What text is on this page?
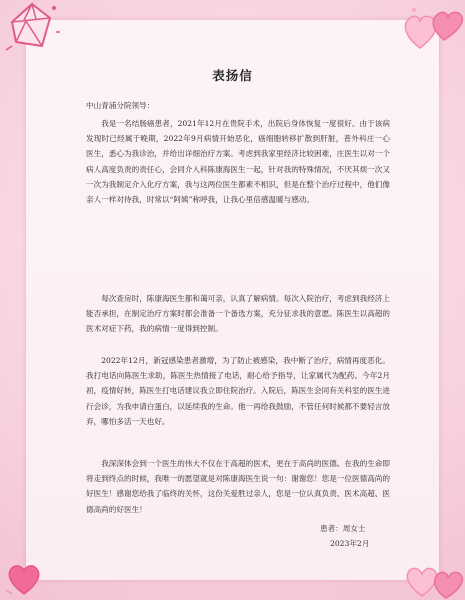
表扬信
中山青浦分院领导：
我是一名结肠癌患者，2021年12月在贵院手术，出院后身体恢复一度很好。由于该病发现时已经属于晚期，2022年9月病情开始恶化，癌细胞转移扩散到肝脏，普外科庄一心医生，悉心为我诊治，并给出详细治疗方案。考虑到我家里经济比较困难，庄医生以对一个病人高度负责的责任心，会同介入科陈康海医生一起，针对我的特殊情况，不厌其烦一次又一次为我制定介入化疗方案，我与这两位医生都素不相识，但是在整个治疗过程中，他们像亲人一样对待我，时常以“阿姨”称呼我，让我心里倍感温暖与感动。
每次查房时，陈康海医生都和蔼可亲，认真了解病情。每次入院治疗，考虑到我经济上能否承担，在制定治疗方案时都会准备一个备选方案，充分征求我的意愿。陈医生以高超的医术对症下药，我的病情一度得到控制。
2022年12月，新冠感染患者激增，为了防止被感染，我中断了治疗，病情再度恶化。我打电话向陈医生求助，陈医生热情接了电话，耐心给予指导，让家属代为配药。今年2月初，疫情好转，陈医生打电话建议我立即住院治疗。入院后，陈医生会同有关科室的医生进行会诊，为我申请白蛋白，以延续我的生命。他一再给我鼓励，不管任何时候都不要轻言放弃，哪怕多活一天也好。
我深深体会到一个医生的伟大不仅在于高超的医术，更在于高尚的医德。在我的生命即将走到终点的时候，我唯一的愿望就是对陈康海医生说一句：谢谢您！您是一位医德高尚的好医生！感谢您给我了临终的关怀，这份关爱胜过亲人，您是一位认真负责、医术高超、医德高尚的好医生！
患者：周女士
2023年2月
